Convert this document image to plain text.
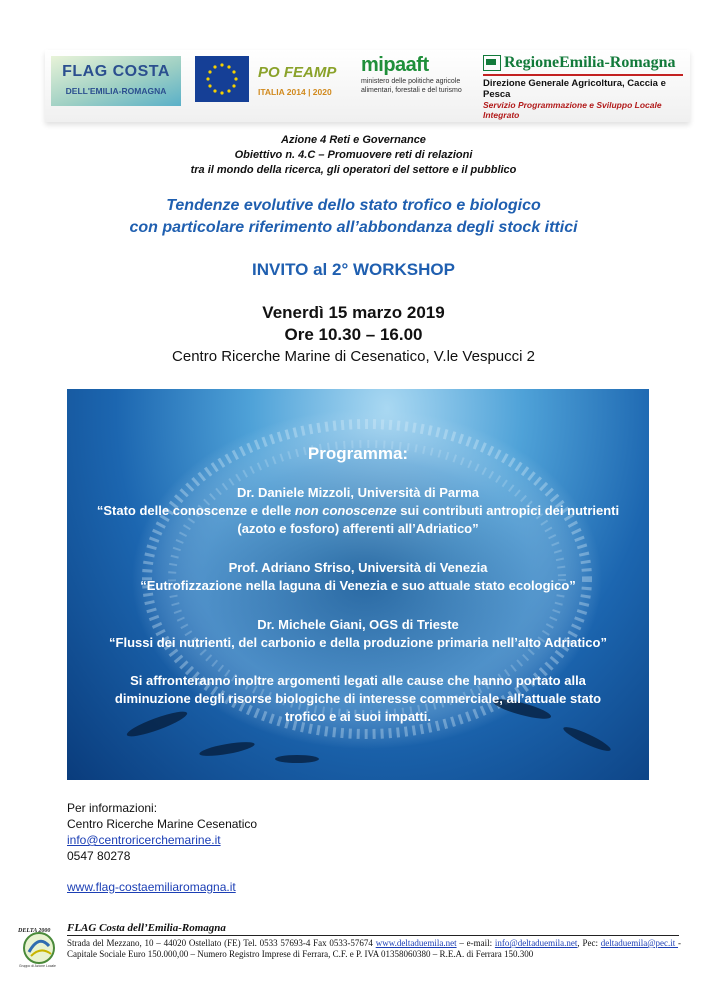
FLAG COSTA
DELL'EMILIA-ROMAGNA
PO FEAMP
ITALIA 2014 | 2020
mipaaft
ministero delle politiche agricole
alimentari, forestali e del turismo
RegioneEmilia-Romagna
Direzione Generale Agricoltura, Caccia e Pesca
Servizio Programmazione e Sviluppo Locale Integrato
Azione 4 Reti e Governance
Obiettivo n. 4.C – Promuovere reti di relazioni
tra il mondo della ricerca, gli operatori del settore e il pubblico
Tendenze evolutive dello stato trofico e biologico
con particolare riferimento all’abbondanza degli stock ittici
INVITO al 2° WORKSHOP
Venerdì 15 marzo 2019
Ore 10.30 – 16.00
Centro Ricerche Marine di Cesenatico, V.le Vespucci 2
Programma:
Dr. Daniele Mizzoli, Università di Parma
“Stato delle conoscenze e delle non conoscenze sui contributi antropici dei nutrienti
(azoto e fosforo) afferenti all’Adriatico”
Prof. Adriano Sfriso, Università di Venezia
“Eutrofizzazione nella laguna di Venezia e suo attuale stato ecologico”
Dr. Michele Giani, OGS di Trieste
“Flussi dei nutrienti, del carbonio e della produzione primaria nell’alto Adriatico”
Si affronteranno inoltre argomenti legati alle cause che hanno portato alla
diminuzione degli risorse biologiche di interesse commerciale, all’attuale stato
trofico e ai suoi impatti.
Per informazioni:
Centro Ricerche Marine Cesenatico
info@centroricerchemarine.it
0547 80278
www.flag-costaemiliaromagna.it
DELTA 2000
Gruppo di Azione Locale
FLAG Costa dell’Emilia-Romagna
Strada del Mezzano, 10 – 44020 Ostellato (FE) Tel. 0533 57693-4 Fax 0533-57674 www.deltaduemila.net – e-mail: info@deltaduemila.net, Pec: deltaduemila@pec.it - Capitale Sociale Euro 150.000,00 – Numero Registro Imprese di Ferrara, C.F. e P. IVA 01358060380 – R.E.A. di Ferrara 150.300
